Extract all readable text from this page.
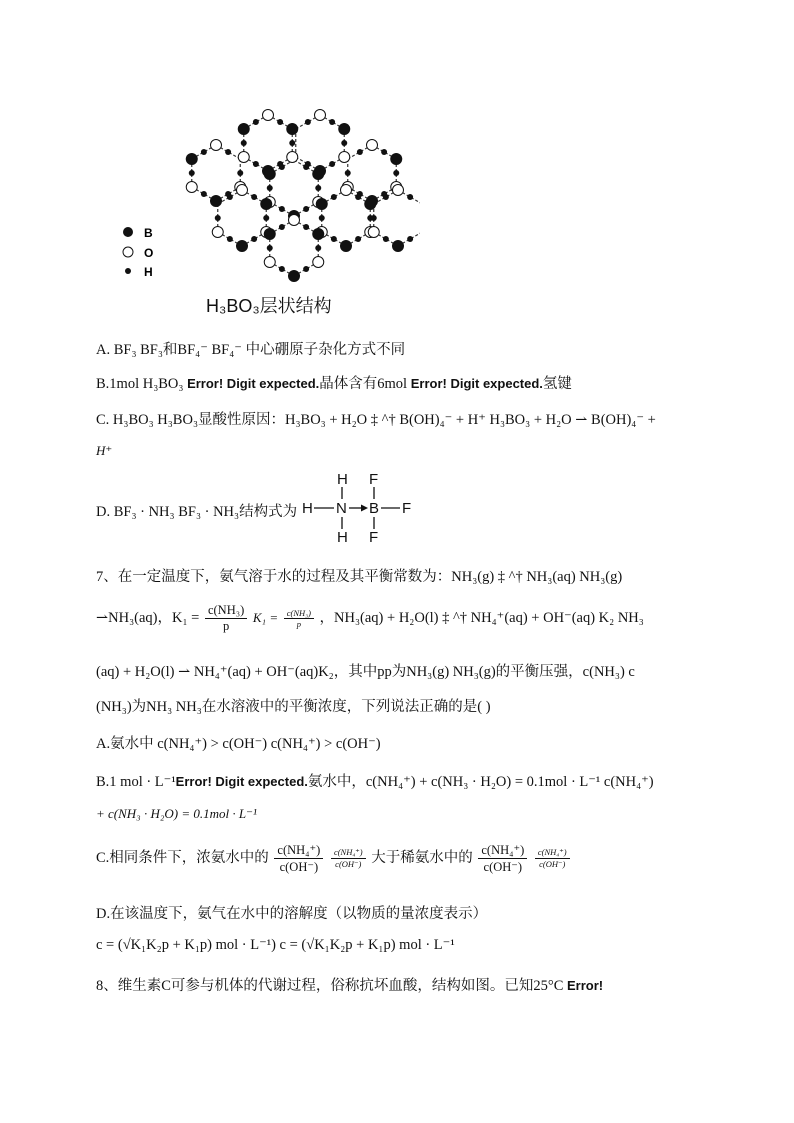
B
O
H
H₃BO₃层状结构
A. BF₃ BF₃和BF₄⁻ BF₄⁻ 中心硼原子杂化方式不同
B.1mol H₃BO₃ Error! Digit expected.晶体含有6mol Error! Digit expected.氢键
C. H₃BO₃ H₃BO₃显酸性原因：H₃BO₃ + H₂O ‡ ^† B(OH)₄⁻ + H⁺ H₃BO₃ + H₂O ⇀ B(OH)₄⁻ +
H⁺
D. BF₃ · NH₃ BF₃ · NH₃结构式为
H
H N
H
F
B F
F
7、在一定温度下，氨气溶于水的过程及其平衡常数为：NH₃(g) ‡ ^† NH₃(aq) NH₃(g)
⇀NH₃(aq)，$K_1 = \frac{\text{c(NH₃)}}{p} K_1 = \frac{\text{c(NH₃)}}{p}$ ，NH₃(aq) + H₂O(l) ‡ ^† NH₄⁺(aq) + OH⁻(aq) K₂ NH₃
(aq) + H₂O(l) ⇀ NH₄⁺(aq) + OH⁻(aq)K₂，其中pp为NH₃(g) NH₃(g)的平衡压强，c(NH₃) c
(NH₃)为NH₃ NH₃在水溶液中的平衡浓度，下列说法正确的是( )
A.氨水中 c(NH₄⁺) > c(OH⁻) c(NH₄⁺) > c(OH⁻)
B.1 mol · L⁻¹Error! Digit expected.氨水中，c(NH₄⁺) + c(NH₃ · H₂O) = 0.1mol · L⁻¹ c(NH₄⁺)
+ c(NH₃ · H₂O) = 0.1mol · L⁻¹
C.相同条件下，浓氨水中的 $\frac{\text{c(NH₄⁺)}}{c(OH^-)}$
$\frac{\text{c(NH₄⁺)}}{c(OH^-)}$ 大于稀氨水中的 $\frac{\text{c(NH₄⁺)}}{c(OH^-)}$
$\frac{\text{c(NH₄⁺)}}{c(OH^-)}$
D.在该温度下，氨气在水中的溶解度（以物质的量浓度表示）
c = (√K₁K₂p + K₁p) mol · L⁻¹) c = (√K₁K₂p + K₁p) mol · L⁻¹
8、维生素C可参与机体的代谢过程，俗称抗坏血酸，结构如图。已知25°C Error!
